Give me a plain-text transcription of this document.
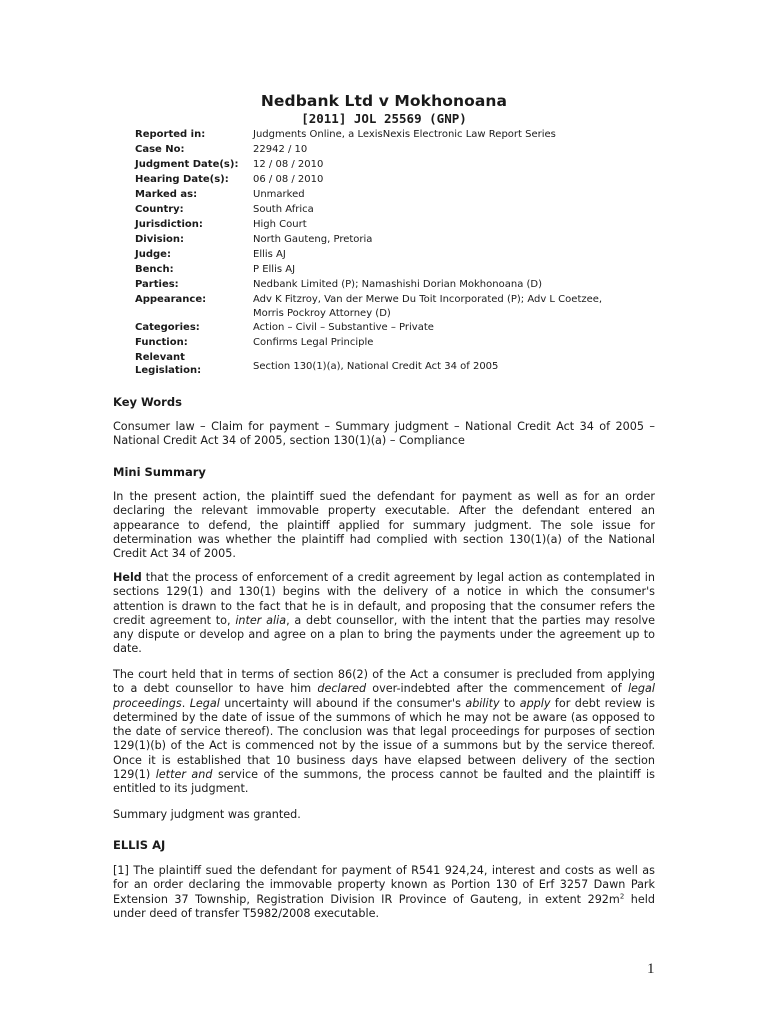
Nedbank Ltd v Mokhonoana
[2011] JOL 25569 (GNP)
Reported in:	Judgments Online, a LexisNexis Electronic Law Report Series
Case No:	22942 / 10
Judgment Date(s):	12 / 08 / 2010
Hearing Date(s):	06 / 08 / 2010
Marked as:	Unmarked
Country:	South Africa
Jurisdiction:	High Court
Division:	North Gauteng, Pretoria
Judge:	Ellis AJ
Bench:	P Ellis AJ
Parties:	Nedbank Limited (P); Namashishi Dorian Mokhonoana (D)
Appearance:	Adv K Fitzroy, Van der Merwe Du Toit Incorporated (P); Adv L Coetzee, Morris Pockroy Attorney (D)
Categories:	Action – Civil – Substantive – Private
Function:	Confirms Legal Principle
Relevant Legislation:	Section 130(1)(a), National Credit Act 34 of 2005
Key Words
Consumer law – Claim for payment – Summary judgment – National Credit Act 34 of 2005 – National Credit Act 34 of 2005, section 130(1)(a) – Compliance
Mini Summary
In the present action, the plaintiff sued the defendant for payment as well as for an order declaring the relevant immovable property executable. After the defendant entered an appearance to defend, the plaintiff applied for summary judgment. The sole issue for determination was whether the plaintiff had complied with section 130(1)(a) of the National Credit Act 34 of 2005.
Held that the process of enforcement of a credit agreement by legal action as contemplated in sections 129(1) and 130(1) begins with the delivery of a notice in which the consumer's attention is drawn to the fact that he is in default, and proposing that the consumer refers the credit agreement to, inter alia, a debt counsellor, with the intent that the parties may resolve any dispute or develop and agree on a plan to bring the payments under the agreement up to date.
The court held that in terms of section 86(2) of the Act a consumer is precluded from applying to a debt counsellor to have him declared over-indebted after the commencement of legal proceedings. Legal uncertainty will abound if the consumer's ability to apply for debt review is determined by the date of issue of the summons of which he may not be aware (as opposed to the date of service thereof). The conclusion was that legal proceedings for purposes of section 129(1)(b) of the Act is commenced not by the issue of a summons but by the service thereof. Once it is established that 10 business days have elapsed between delivery of the section 129(1) letter and service of the summons, the process cannot be faulted and the plaintiff is entitled to its judgment.
Summary judgment was granted.
ELLIS AJ
[1] The plaintiff sued the defendant for payment of R541 924,24, interest and costs as well as for an order declaring the immovable property known as Portion 130 of Erf 3257 Dawn Park Extension 37 Township, Registration Division IR Province of Gauteng, in extent $292m^2$ held under deed of transfer T5982/2008 executable.
1
